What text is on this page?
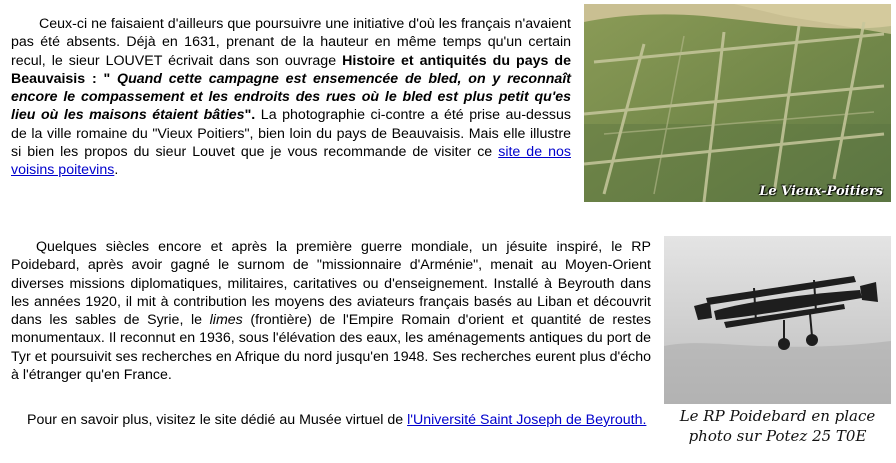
Ceux-ci ne faisaient d'ailleurs que poursuivre une initiative d'où les français n'avaient pas été absents. Déjà en 1631, prenant de la hauteur en même temps qu'un certain recul, le sieur LOUVET écrivait dans son ouvrage Histoire et antiquités du pays de Beauvaisis : " Quand cette campagne est ensemencée de bled, on y reconnaît encore le compassement et les endroits des rues où le bled est plus petit qu'es lieu où les maisons étaient bâties". La photographie ci-contre a été prise au-dessus de la ville romaine du "Vieux Poitiers", bien loin du pays de Beauvaisis. Mais elle illustre si bien les propos du sieur Louvet que je vous recommande de visiter ce site de nos voisins poitevins.

Le Vieux-Poitiers

Quelques siècles encore et après la première guerre mondiale, un jésuite inspiré, le RP Poidebard, après avoir gagné le surnom de "missionnaire d'Arménie", menait au Moyen-Orient diverses missions diplomatiques, militaires, caritatives ou d'enseignement. Installé à Beyrouth dans les années 1920, il mit à contribution les moyens des aviateurs français basés au Liban et découvrit dans les sables de Syrie, le limes (frontière) de l'Empire Romain d'orient et quantité de restes monumentaux. Il reconnut en 1936, sous l'élévation des eaux, les aménagements antiques du port de Tyr et poursuivit ses recherches en Afrique du nord jusqu'en 1948. Ses recherches eurent plus d'écho à l'étranger qu'en France.

Pour en savoir plus, visitez le site dédié au Musée virtuel de l'Université Saint Joseph de Beyrouth.	Le RP Poidebard en place
photo sur Potez 25 T0E
